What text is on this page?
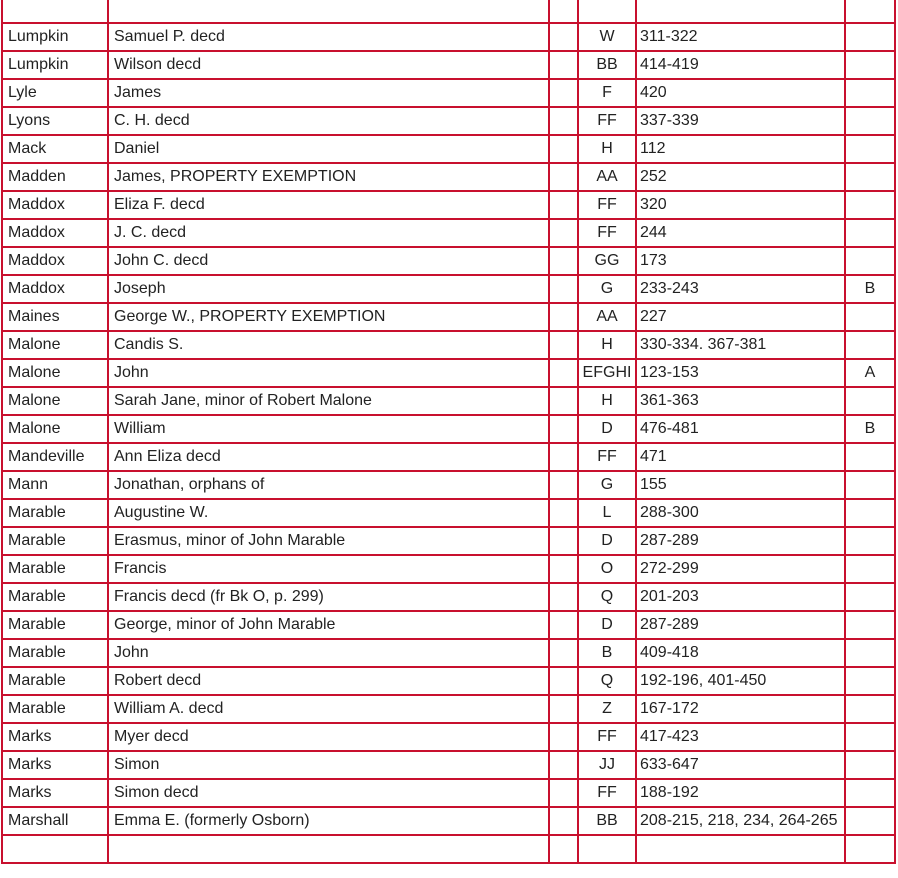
Lumpkin	Samuel P. decd		W	311-322	
Lumpkin	Wilson decd		BB	414-419	
Lyle	James		F	420	
Lyons	C. H. decd		FF	337-339	
Mack	Daniel		H	112	
Madden	James, PROPERTY EXEMPTION		AA	252	
Maddox	Eliza F. decd		FF	320	
Maddox	J. C. decd		FF	244	
Maddox	John C. decd		GG	173	
Maddox	Joseph		G	233-243	B
Maines	George W., PROPERTY EXEMPTION		AA	227	
Malone	Candis S.		H	330-334. 367-381	
Malone	John		EFGHI	123-153	A
Malone	Sarah Jane, minor of Robert Malone		H	361-363	
Malone	William		D	476-481	B
Mandeville	Ann Eliza decd		FF	471	
Mann	Jonathan, orphans of		G	155	
Marable	Augustine W.		L	288-300	
Marable	Erasmus, minor of John Marable		D	287-289	
Marable	Francis		O	272-299	
Marable	Francis decd (fr Bk O, p. 299)		Q	201-203	
Marable	George, minor of John Marable		D	287-289	
Marable	John		B	409-418	
Marable	Robert decd		Q	192-196, 401-450	
Marable	William A. decd		Z	167-172	
Marks	Myer decd		FF	417-423	
Marks	Simon		JJ	633-647	
Marks	Simon decd		FF	188-192	
Marshall	Emma E. (formerly Osborn)		BB	208-215, 218, 234, 264-265	
